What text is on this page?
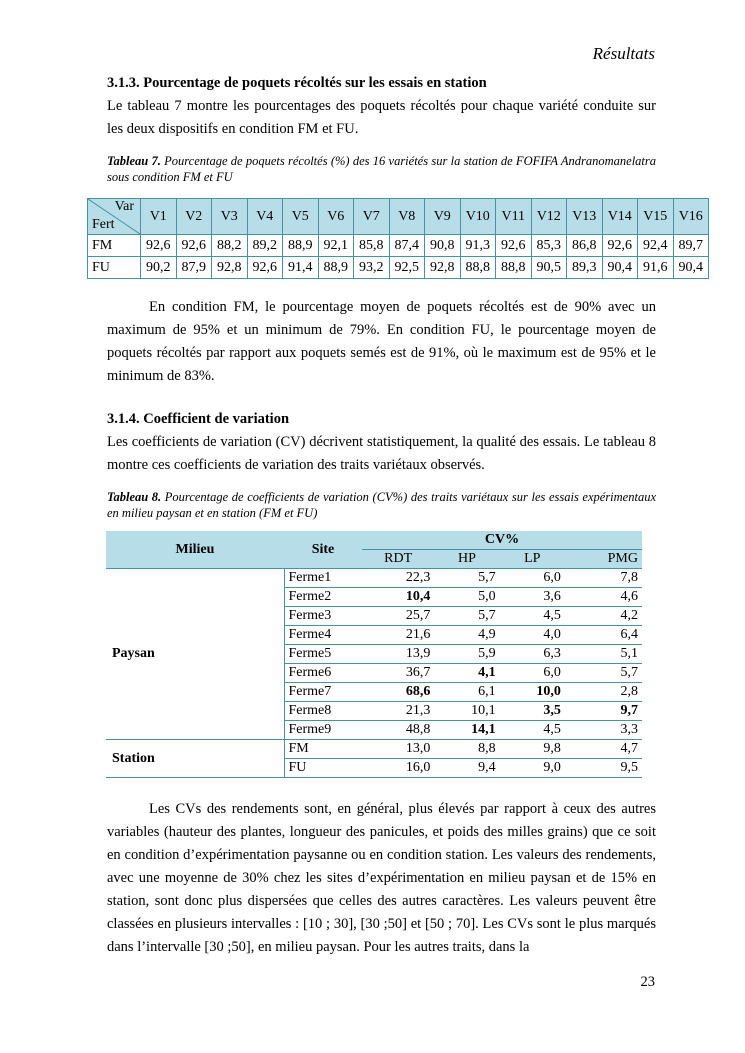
Résultats
3.1.3. Pourcentage de poquets récoltés sur les essais en station

Le tableau 7 montre les pourcentages des poquets récoltés pour chaque variété conduite sur les deux dispositifs en condition FM et FU.

Tableau 7. Pourcentage de poquets récoltés (%) des 16 variétés sur la station de FOFIFA Andranomanelatra sous condition FM et FU
Var
Fert	V1	V2	V3	V4	V5	V6	V7	V8	V9	V10	V11	V12	V13	V14	V15	V16
FM	92,6	92,6	88,2	89,2	88,9	92,1	85,8	87,4	90,8	91,3	92,6	85,3	86,8	92,6	92,4	89,7
FU	90,2	87,9	92,8	92,6	91,4	88,9	93,2	92,5	92,8	88,8	88,8	90,5	89,3	90,4	91,6	90,4

En condition FM, le pourcentage moyen de poquets récoltés est de 90% avec un maximum de 95% et un minimum de 79%. En condition FU, le pourcentage moyen de poquets récoltés par rapport aux poquets semés est de 91%, où le maximum est de 95% et le minimum de 83%.

3.1.4. Coefficient de variation

Les coefficients de variation (CV) décrivent statistiquement, la qualité des essais. Le tableau 8 montre ces coefficients de variation des traits variétaux observés.

Tableau 8. Pourcentage de coefficients de variation (CV%) des traits variétaux sur les essais expérimentaux en milieu paysan et en station (FM et FU)
Milieu	Site	CV%			
		RDT	HP	LP	PMG
Paysan	Ferme1	22,3	5,7	6,0	7,8
	Ferme2	10,4	5,0	3,6	4,6
	Ferme3	25,7	5,7	4,5	4,2
	Ferme4	21,6	4,9	4,0	6,4
	Ferme5	13,9	5,9	6,3	5,1
	Ferme6	36,7	4,1	6,0	5,7
	Ferme7	68,6	6,1	10,0	2,8
	Ferme8	21,3	10,1	3,5	9,7
	Ferme9	48,8	14,1	4,5	3,3
Station	FM	13,0	8,8	9,8	4,7
	FU	16,0	9,4	9,0	9,5

Les CVs des rendements sont, en général, plus élevés par rapport à ceux des autres variables (hauteur des plantes, longueur des panicules, et poids des milles grains) que ce soit en condition d’expérimentation paysanne ou en condition station. Les valeurs des rendements, avec une moyenne de 30% chez les sites d’expérimentation en milieu paysan et de 15% en station, sont donc plus dispersées que celles des autres caractères. Les valeurs peuvent être classées en plusieurs intervalles : [10 ; 30], [30 ;50] et [50 ; 70]. Les CVs sont le plus marqués dans l’intervalle [30 ;50], en milieu paysan. Pour les autres traits, dans la

23
